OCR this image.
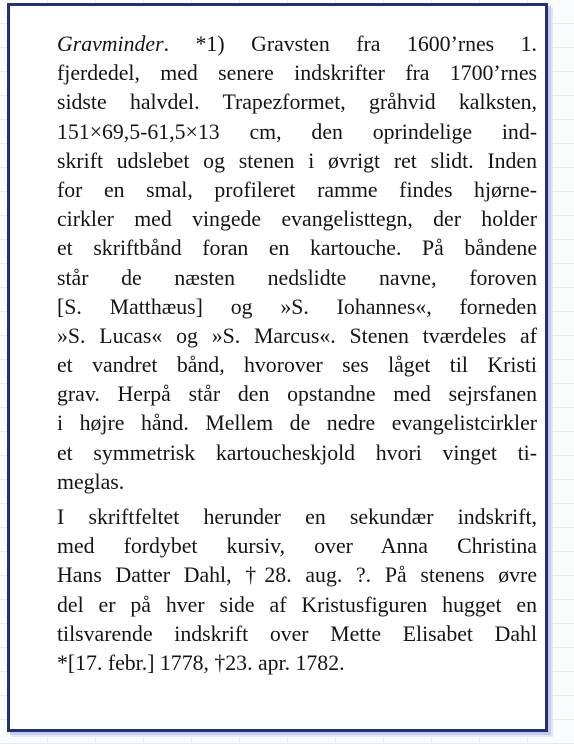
Gravminder. *1) Gravsten fra 1600’rnes 1.
fjerdedel, med senere indskrifter fra 1700’rnes
sidste halvdel. Trapezformet, gråhvid kalksten,
151×69,5-61,5×13 cm, den oprindelige ind-
skrift udslebet og stenen i øvrigt ret slidt. Inden
for en smal, profileret ramme findes hjørne-
cirkler med vingede evangelisttegn, der holder
et skriftbånd foran en kartouche. På båndene
står de næsten nedslidte navne, foroven
[S. Matthæus] og »S. Iohannes«, forneden
»S. Lucas« og »S. Marcus«. Stenen tværdeles af
et vandret bånd, hvorover ses låget til Kristi
grav. Herpå står den opstandne med sejrsfanen
i højre hånd. Mellem de nedre evangelistcirkler
et symmetrisk kartoucheskjold hvori vinget ti-
meglas.
I skriftfeltet herunder en sekundær indskrift,
med fordybet kursiv, over Anna Christina
Hans Datter Dahl, †28. aug. ?. På stenens øvre
del er på hver side af Kristusfiguren hugget en
tilsvarende indskrift over Mette Elisabet Dahl
*[17. febr.] 1778, †23. apr. 1782.
